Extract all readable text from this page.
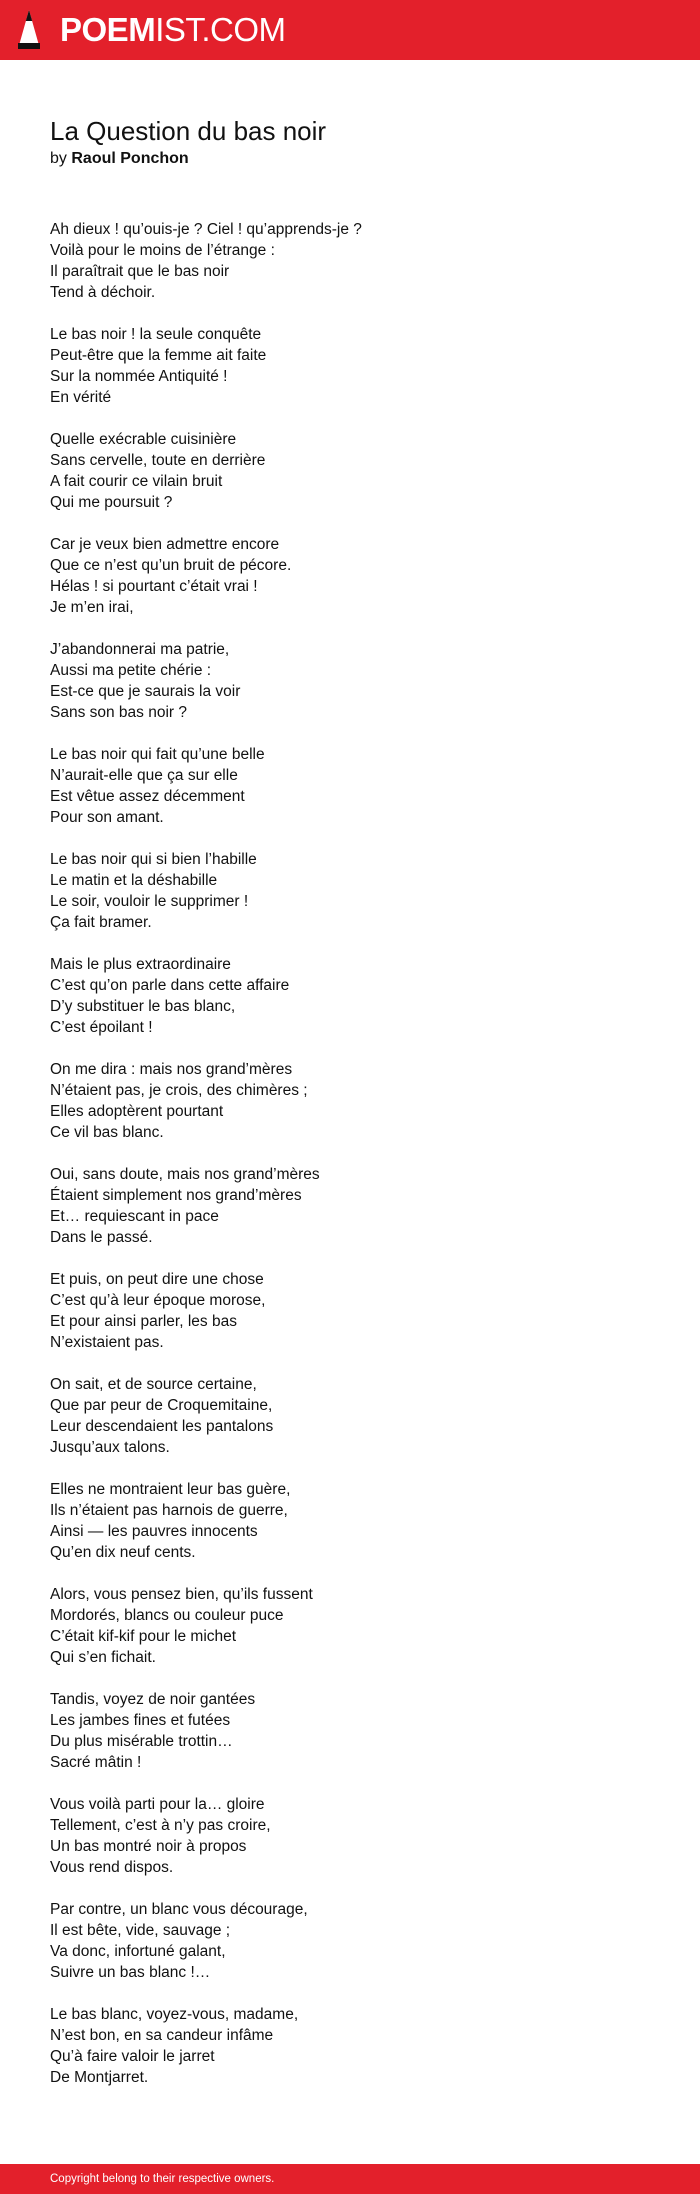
POEMIST.COM
La Question du bas noir
by Raoul Ponchon
Ah dieux ! qu’ouis-je ? Ciel ! qu’apprends-je ?
Voilà pour le moins de l’étrange :
Il paraîtrait que le bas noir
Tend à déchoir.
Le bas noir ! la seule conquête
Peut-être que la femme ait faite
Sur la nommée Antiquité !
En vérité
Quelle exécrable cuisinière
Sans cervelle, toute en derrière
A fait courir ce vilain bruit
Qui me poursuit ?
Car je veux bien admettre encore
Que ce n’est qu’un bruit de pécore.
Hélas ! si pourtant c’était vrai !
Je m’en irai,
J’abandonnerai ma patrie,
Aussi ma petite chérie :
Est-ce que je saurais la voir
Sans son bas noir ?
Le bas noir qui fait qu’une belle
N’aurait-elle que ça sur elle
Est vêtue assez décemment
Pour son amant.
Le bas noir qui si bien l’habille
Le matin et la déshabille
Le soir, vouloir le supprimer !
Ça fait bramer.
Mais le plus extraordinaire
C’est qu’on parle dans cette affaire
D’y substituer le bas blanc,
C’est époilant !
On me dira : mais nos grand’mères
N’étaient pas, je crois, des chimères ;
Elles adoptèrent pourtant
Ce vil bas blanc.
Oui, sans doute, mais nos grand’mères
Étaient simplement nos grand’mères
Et… requiescant in pace
Dans le passé.
Et puis, on peut dire une chose
C’est qu’à leur époque morose,
Et pour ainsi parler, les bas
N’existaient pas.
On sait, et de source certaine,
Que par peur de Croquemitaine,
Leur descendaient les pantalons
Jusqu’aux talons.
Elles ne montraient leur bas guère,
Ils n’étaient pas harnois de guerre,
Ainsi — les pauvres innocents
Qu’en dix neuf cents.
Alors, vous pensez bien, qu’ils fussent
Mordorés, blancs ou couleur puce
C’était kif-kif pour le michet
Qui s’en fichait.
Tandis, voyez de noir gantées
Les jambes fines et futées
Du plus misérable trottin…
Sacré mâtin !
Vous voilà parti pour la… gloire
Tellement, c’est à n’y pas croire,
Un bas montré noir à propos
Vous rend dispos.
Par contre, un blanc vous décourage,
Il est bête, vide, sauvage ;
Va donc, infortuné galant,
Suivre un bas blanc !…
Le bas blanc, voyez-vous, madame,
N’est bon, en sa candeur infâme
Qu’à faire valoir le jarret
De Montjarret.
Copyright belong to their respective owners.
